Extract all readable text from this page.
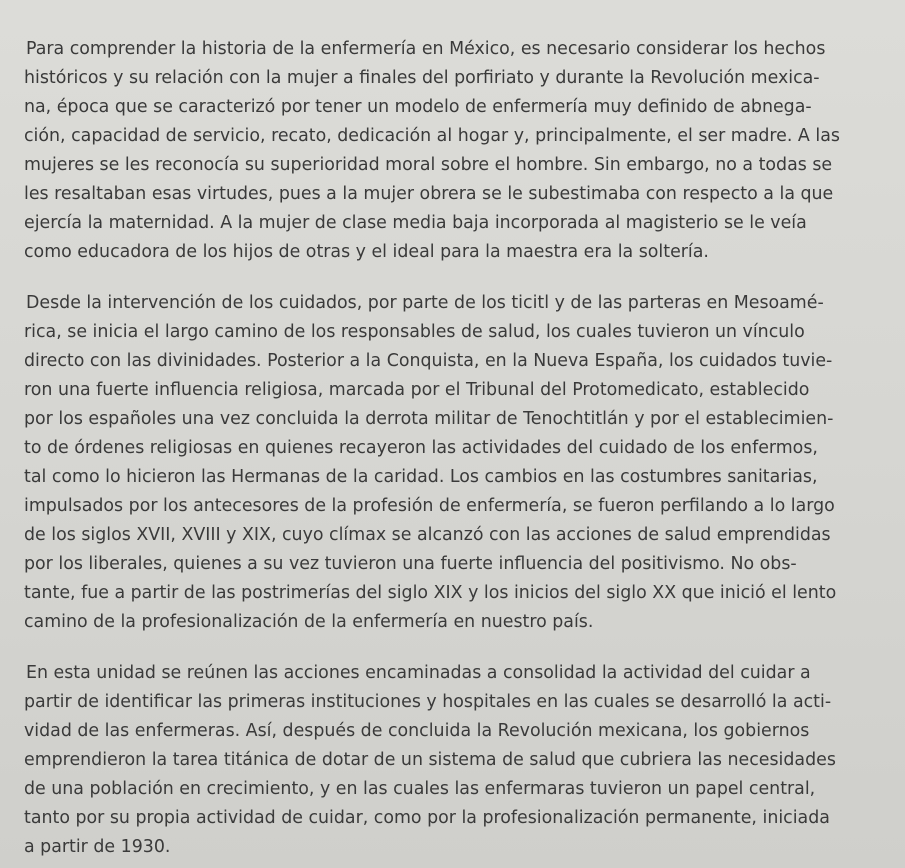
Para comprender la historia de la enfermería en México, es necesario considerar los hechos
históricos y su relación con la mujer a finales del porfiriato y durante la Revolución mexica-
na, época que se caracterizó por tener un modelo de enfermería muy definido de abnega-
ción, capacidad de servicio, recato, dedicación al hogar y, principalmente, el ser madre. A las
mujeres se les reconocía su superioridad moral sobre el hombre. Sin embargo, no a todas se
les resaltaban esas virtudes, pues a la mujer obrera se le subestimaba con respecto a la que
ejercía la maternidad. A la mujer de clase media baja incorporada al magisterio se le veía
como educadora de los hijos de otras y el ideal para la maestra era la soltería.
Desde la intervención de los cuidados, por parte de los ticitl y de las parteras en Mesoamé-
rica, se inicia el largo camino de los responsables de salud, los cuales tuvieron un vínculo
directo con las divinidades. Posterior a la Conquista, en la Nueva España, los cuidados tuvie-
ron una fuerte influencia religiosa, marcada por el Tribunal del Protomedicato, establecido
por los españoles una vez concluida la derrota militar de Tenochtitlán y por el establecimien-
to de órdenes religiosas en quienes recayeron las actividades del cuidado de los enfermos,
tal como lo hicieron las Hermanas de la caridad. Los cambios en las costumbres sanitarias,
impulsados por los antecesores de la profesión de enfermería, se fueron perfilando a lo largo
de los siglos XVII, XVIII y XIX, cuyo clímax se alcanzó con las acciones de salud emprendidas
por los liberales, quienes a su vez tuvieron una fuerte influencia del positivismo. No obs-
tante, fue a partir de las postrimerías del siglo XIX y los inicios del siglo XX que inició el lento
camino de la profesionalización de la enfermería en nuestro país.
En esta unidad se reúnen las acciones encaminadas a consolidad la actividad del cuidar a
partir de identificar las primeras instituciones y hospitales en las cuales se desarrolló la acti-
vidad de las enfermeras. Así, después de concluida la Revolución mexicana, los gobiernos
emprendieron la tarea titánica de dotar de un sistema de salud que cubriera las necesidades
de una población en crecimiento, y en las cuales las enfermaras tuvieron un papel central,
tanto por su propia actividad de cuidar, como por la profesionalización permanente, iniciada
a partir de 1930.
